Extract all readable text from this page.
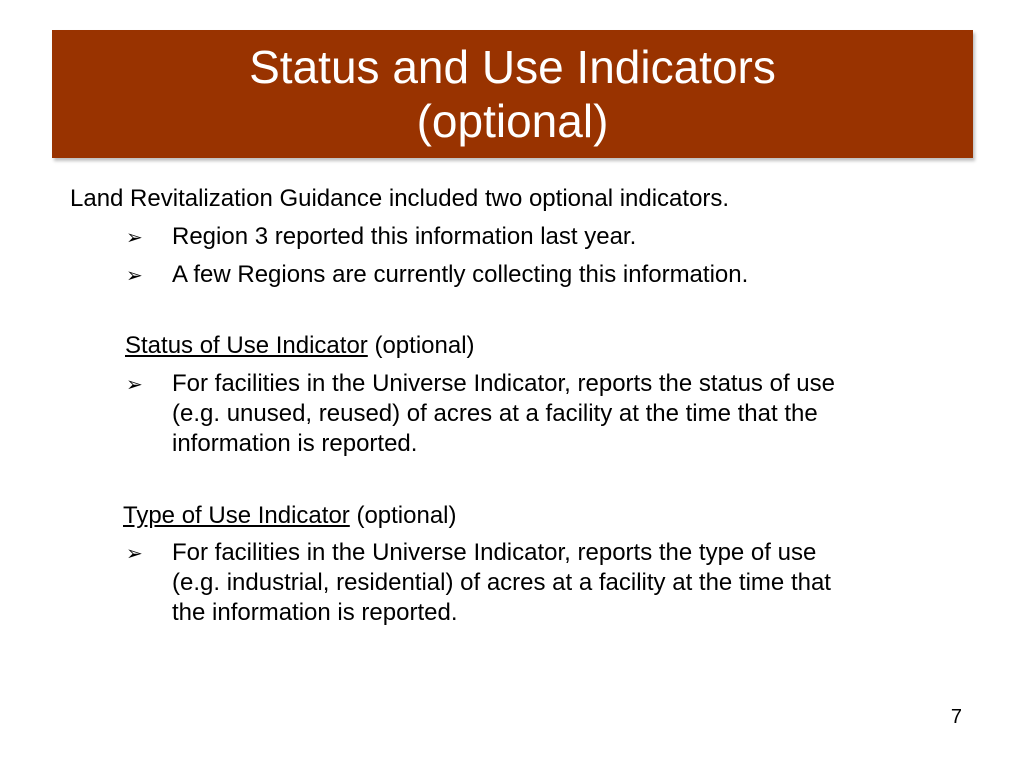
Status and Use Indicators
(optional)
Land Revitalization Guidance included two optional indicators.
➢ Region 3 reported this information last year.
➢ A few Regions are currently collecting this information.
Status of Use Indicator (optional)
➢ For facilities in the Universe Indicator, reports the status of use
(e.g. unused, reused) of acres at a facility at the time that the
information is reported.
Type of Use Indicator (optional)
➢ For facilities in the Universe Indicator, reports the type of use
(e.g. industrial, residential) of acres at a facility at the time that
the information is reported.
7
